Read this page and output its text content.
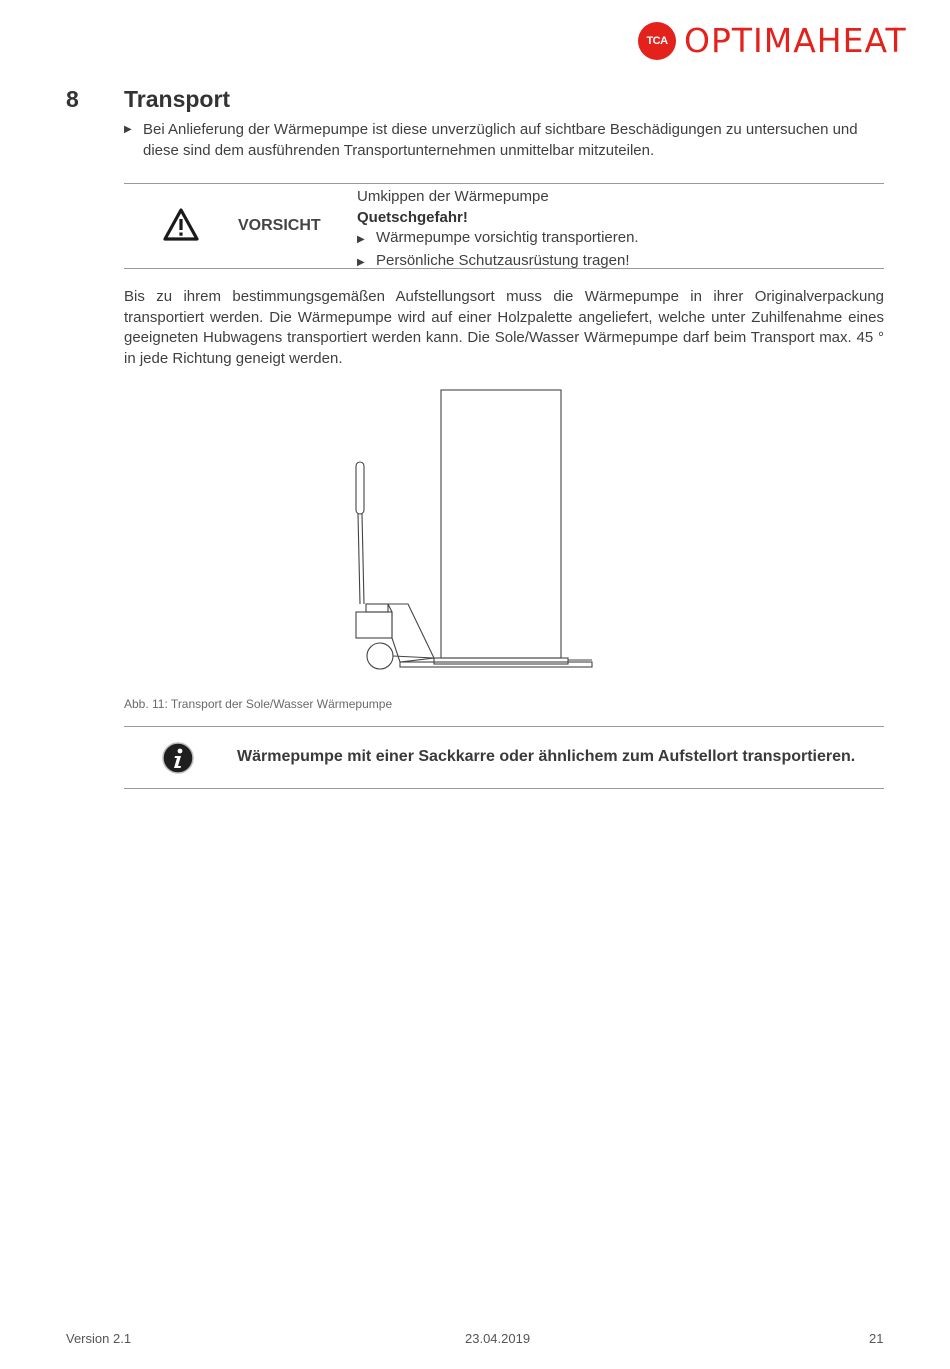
TCA OPTIMAHEAT
8 Transport
▶ Bei Anlieferung der Wärmepumpe ist diese unverzüglich auf sichtbare Beschädigungen zu untersuchen und diese sind dem ausführenden Transportunternehmen unmittelbar mitzuteilen.
VORSICHT
Umkippen der Wärmepumpe
Quetschgefahr!
▶ Wärmepumpe vorsichtig transportieren.
▶ Persönliche Schutzausrüstung tragen!
Bis zu ihrem bestimmungsgemäßen Aufstellungsort muss die Wärmepumpe in ihrer Originalverpackung transportiert werden. Die Wärmepumpe wird auf einer Holzpalette angeliefert, welche unter Zuhilfenahme eines geeigneten Hubwagens transportiert werden kann. Die Sole/Wasser Wärmepumpe darf beim Transport max. 45 ° in jede Richtung geneigt werden.
Abb. 11: Transport der Sole/Wasser Wärmepumpe
Wärmepumpe mit einer Sackkarre oder ähnlichem zum Aufstellort transportieren.
Version 2.1	23.04.2019	21
